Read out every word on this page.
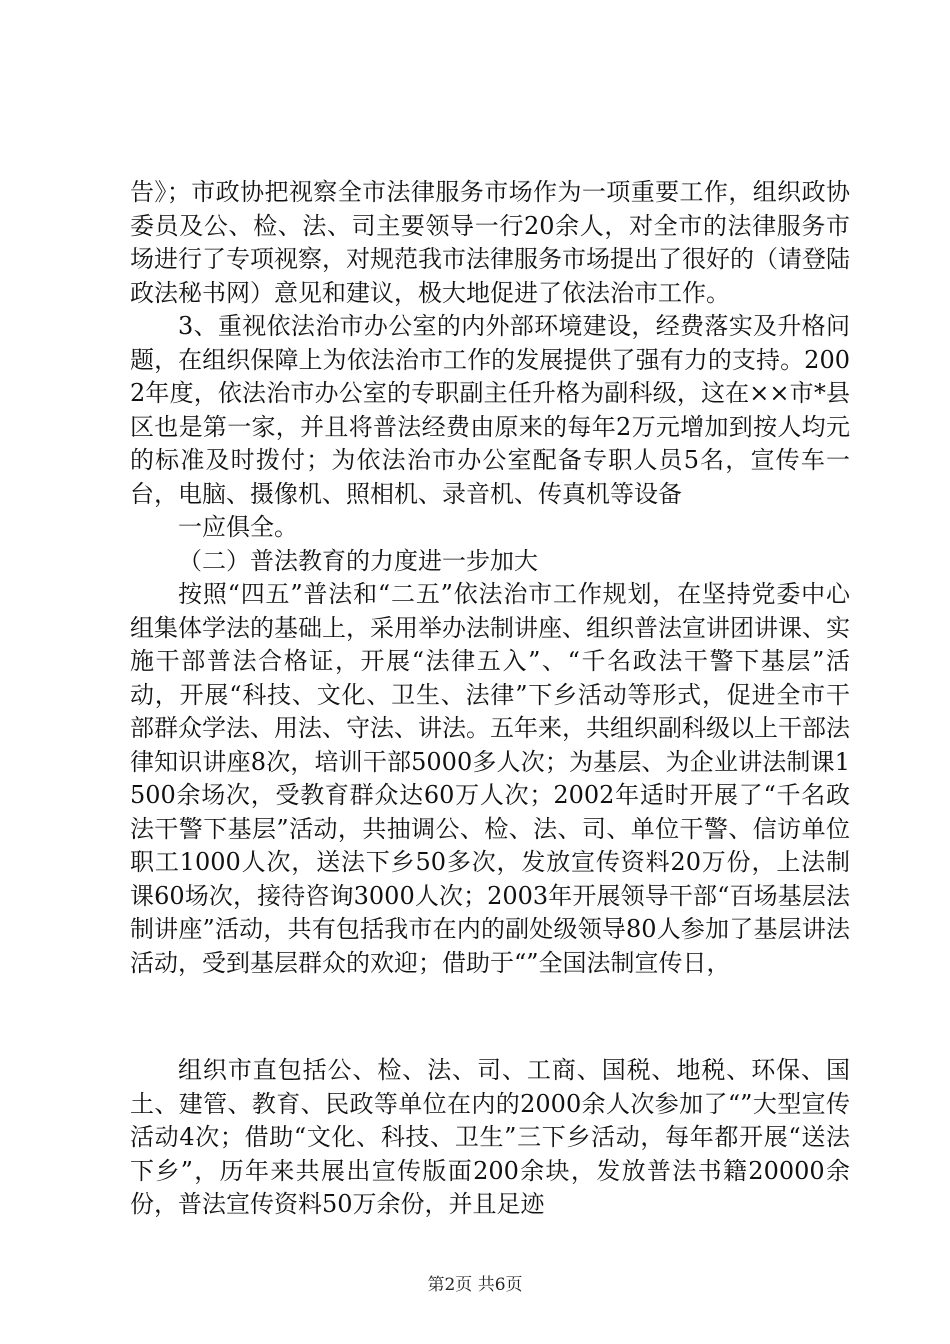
告》；市政协把视察全市法律服务市场作为一项重要工作，组织政协委员及公、检、法、司主要领导一行20余人，对全市的法律服务市场进行了专项视察，对规范我市法律服务市场提出了很好的（请登陆政法秘书网）意见和建议，极大地促进了依法治市工作。

3、重视依法治市办公室的内外部环境建设，经费落实及升格问题，在组织保障上为依法治市工作的发展提供了强有力的支持。2002年度，依法治市办公室的专职副主任升格为副科级，这在××市*县区也是第一家，并且将普法经费由原来的每年2万元增加到按人均元的标准及时拨付；为依法治市办公室配备专职人员5名，宣传车一台，电脑、摄像机、照相机、录音机、传真机等设备

一应俱全。

（二）普法教育的力度进一步加大

按照“四五”普法和“二五”依法治市工作规划，在坚持党委中心组集体学法的基础上，采用举办法制讲座、组织普法宣讲团讲课、实施干部普法合格证，开展“法律五入”、“千名政法干警下基层”活动，开展“科技、文化、卫生、法律”下乡活动等形式，促进全市干部群众学法、用法、守法、讲法。五年来，共组织副科级以上干部法律知识讲座8次，培训干部5000多人次；为基层、为企业讲法制课1500余场次，受教育群众达60万人次；2002年适时开展了“千名政法干警下基层”活动，共抽调公、检、法、司、单位干警、信访单位职工1000人次，送法下乡50多次，发放宣传资料20万份，上法制课60场次，接待咨询3000人次；2003年开展领导干部“百场基层法制讲座”活动，共有包括我市在内的副处级领导80人参加了基层讲法活动，受到基层群众的欢迎；借助于“”全国法制宣传日，

组织市直包括公、检、法、司、工商、国税、地税、环保、国土、建管、教育、民政等单位在内的2000余人次参加了“”大型宣传活动4次；借助“文化、科技、卫生”三下乡活动，每年都开展“送法下乡”，历年来共展出宣传版面200余块，发放普法书籍20000余份，普法宣传资料50万余份，并且足迹

第2页 共6页
